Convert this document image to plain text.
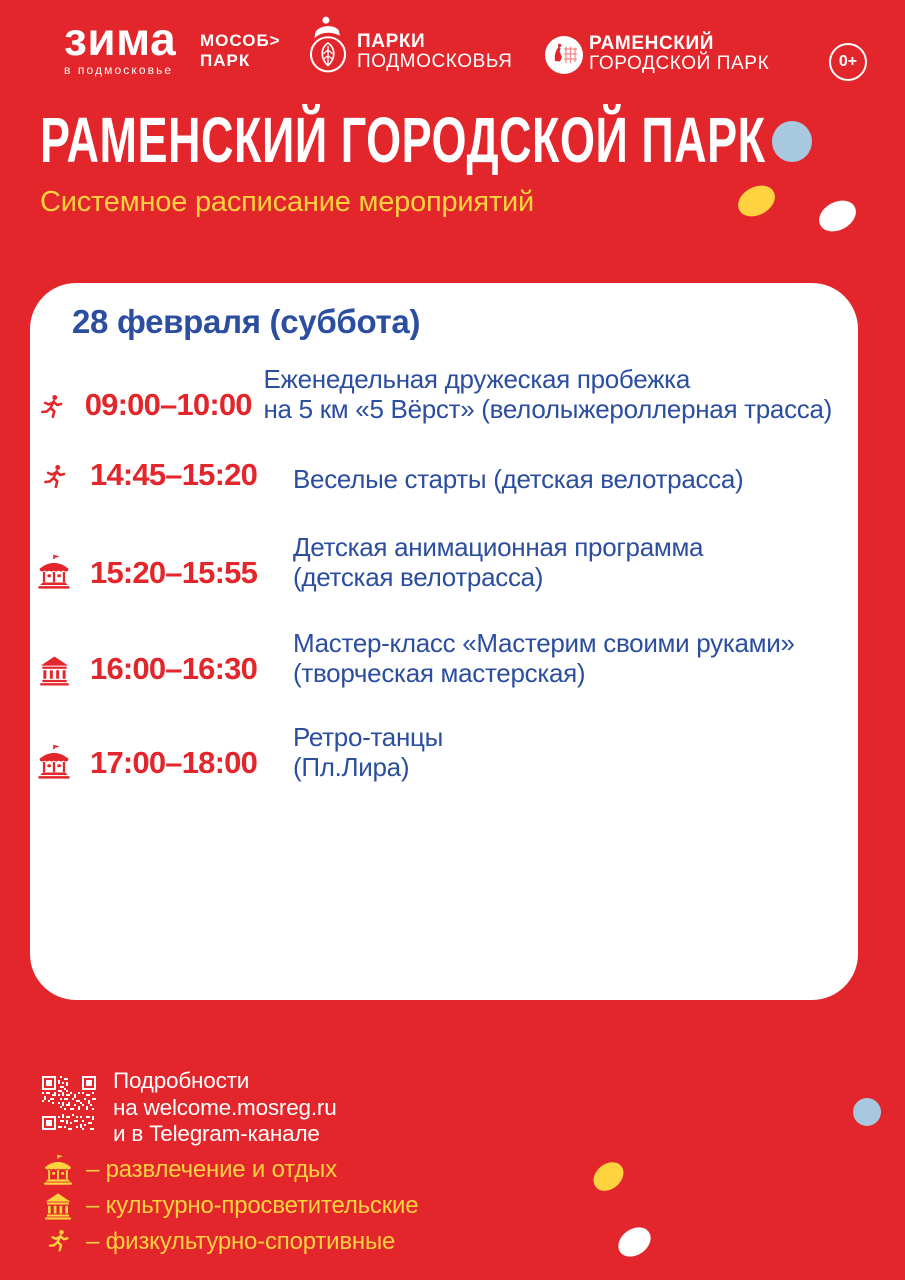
зима
в подмосковье
МОСОБ>
ПАРК
ПАРКИ
ПОДМОСКОВЬЯ
РАМЕНСКИЙ
ГОРОДСКОЙ ПАРК	0+
РАМЕНСКИЙ ГОРОДСКОЙ ПАРК
Системное расписание мероприятий
28 февраля (суббота)
09:00–10:00
Еженедельная дружеская пробежка
на 5 км «5 Вёрст» (велолыжероллерная трасса)
14:45–15:20	Веселые старты (детская велотрасса)
15:20–15:55
Детская анимационная программа
(детская велотрасса)
16:00–16:30
Мастер-класс «Мастерим своими руками»
(творческая мастерская)
17:00–18:00
Ретро-танцы
(Пл.Лира)
Подробности
на welcome.mosreg.ru
и в Telegram-канале
– развлечение и отдых
– культурно-просветительские
– физкультурно-спортивные
